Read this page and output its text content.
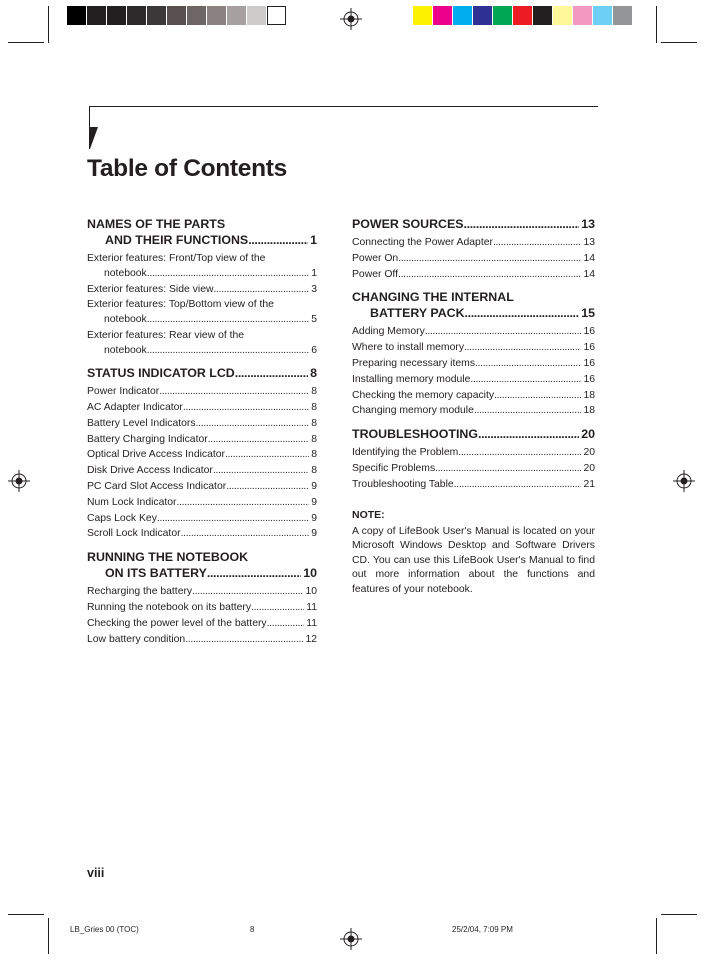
Table of Contents
NAMES OF THE PARTS
AND THEIR FUNCTIONS . . .	1
Exterior features: Front/Top view of the
notebook . . .	1
Exterior features: Side view . . .	3
Exterior features: Top/Bottom view of the
notebook . . .	5
Exterior features: Rear view of the
notebook . . .	6
STATUS INDICATOR LCD . . .	8
Power Indicator . . .	8
AC Adapter Indicator . . .	8
Battery Level Indicators . . .	8
Battery Charging Indicator . . .	8
Optical Drive Access Indicator . . .	8
Disk Drive Access Indicator . . .	8
PC Card Slot Access Indicator . . .	9
Num Lock Indicator . . .	9
Caps Lock Key . . .	9
Scroll Lock Indicator . . .	9
RUNNING THE NOTEBOOK
ON ITS BATTERY . . .	10
Recharging the battery . . .	10
Running the notebook on its battery . . .	11
Checking the power level of the battery . . .	11
Low battery condition . . .	12
POWER SOURCES . . .	13
Connecting the Power Adapter . . .	13
Power On . . .	14
Power Off . . .	14
CHANGING THE INTERNAL
BATTERY PACK . . .	15
Adding Memory . . .	16
Where to install memory . . .	16
Preparing necessary items . . .	16
Installing memory module . . .	16
Checking the memory capacity . . .	18
Changing memory module . . .	18
TROUBLESHOOTING . . .	20
Identifying the Problem . . .	20
Specific Problems . . .	20
Troubleshooting Table . . .	21
NOTE:

A copy of LifeBook User's Manual is located on your Microsoft Windows Desktop and Software Drivers CD. You can use this LifeBook User's Manual to find out more information about the functions and features of your notebook.

viii
LB_Gries 00 (TOC)	8	25/2/04, 7:09 PM
